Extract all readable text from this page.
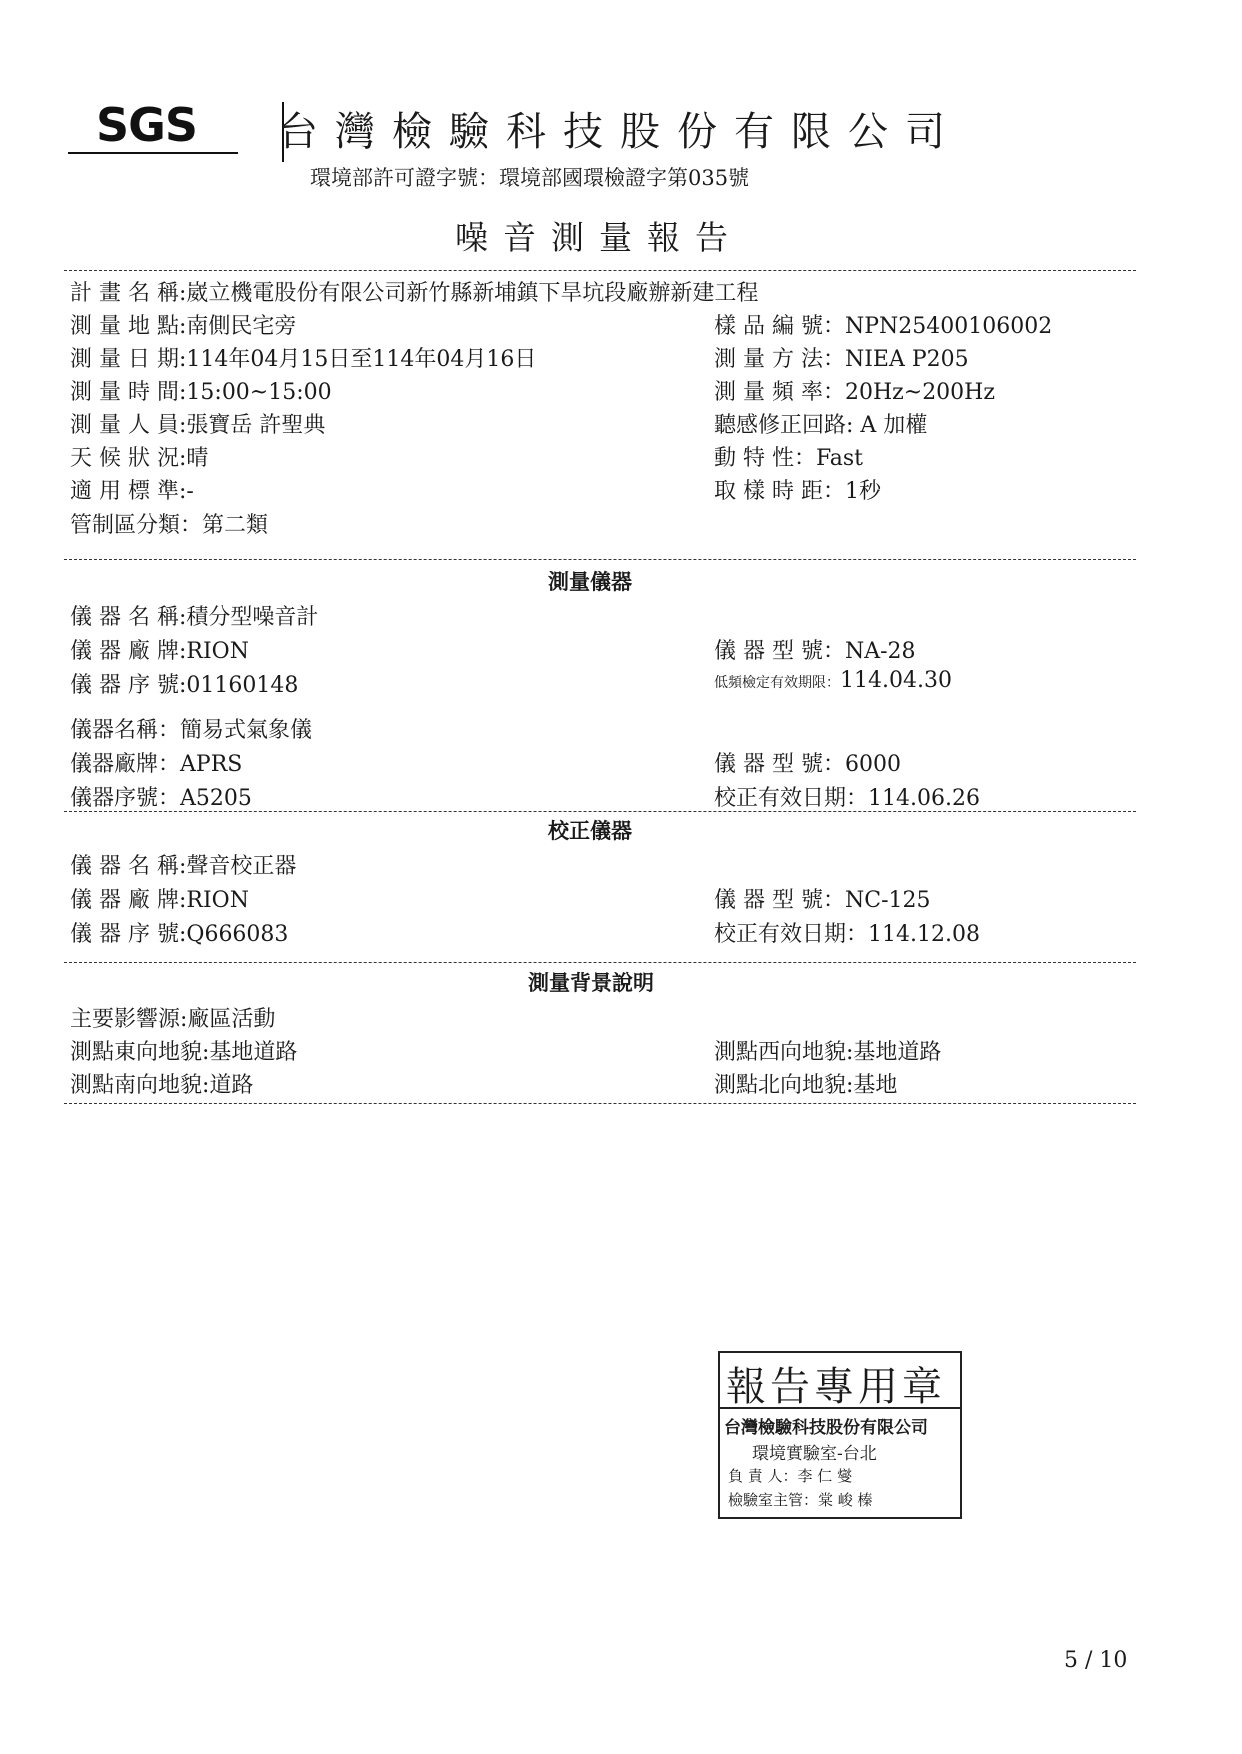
SGS 台灣檢驗科技股份有限公司
環境部許可證字號：環境部國環檢證字第035號
噪音測量報告
計 畫 名 稱:崴立機電股份有限公司新竹縣新埔鎮下旱坑段廠辦新建工程
測 量 地 點:南側民宅旁
測 量 日 期:114年04月15日至114年04月16日
測 量 時 間:15:00~15:00
測 量 人 員:張寶岳 許聖典
天 候 狀 況:晴
適 用 標 準:-
管制區分類：第二類
樣 品 編 號：NPN25400106002
測 量 方 法：NIEA P205
測 量 頻 率：20Hz~200Hz
聽感修正回路: A 加權
動 特 性：Fast
取 樣 時 距：1秒
測量儀器
儀 器 名 稱:積分型噪音計
儀 器 廠 牌:RION
儀 器 序 號:01160148
儀 器 型 號：NA-28
低頻檢定有效期限：114.04.30
儀器名稱：簡易式氣象儀
儀器廠牌：APRS
儀器序號：A5205
儀 器 型 號：6000
校正有效日期：114.06.26
校正儀器
儀 器 名 稱:聲音校正器
儀 器 廠 牌:RION
儀 器 序 號:Q666083
儀 器 型 號：NC-125
校正有效日期：114.12.08
測量背景說明
主要影響源:廠區活動
測點東向地貌:基地道路
測點南向地貌:道路
測點西向地貌:基地道路
測點北向地貌:基地
報告專用章
台灣檢驗科技股份有限公司
環境實驗室-台北
負 責 人：李 仁 燮
檢驗室主管：棠 峻 榛
5 / 10
